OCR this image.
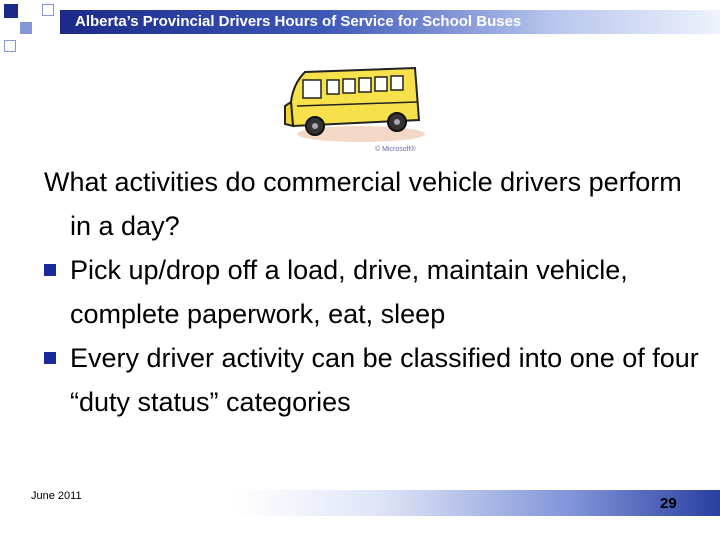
Alberta’s Provincial Drivers Hours of Service for School Buses
© Microsoft®

What activities do commercial vehicle drivers perform in a day?

Pick up/drop off a load, drive, maintain vehicle, complete paperwork, eat, sleep
Every driver activity can be classified into one of four “duty status” categories
June 2011	29
